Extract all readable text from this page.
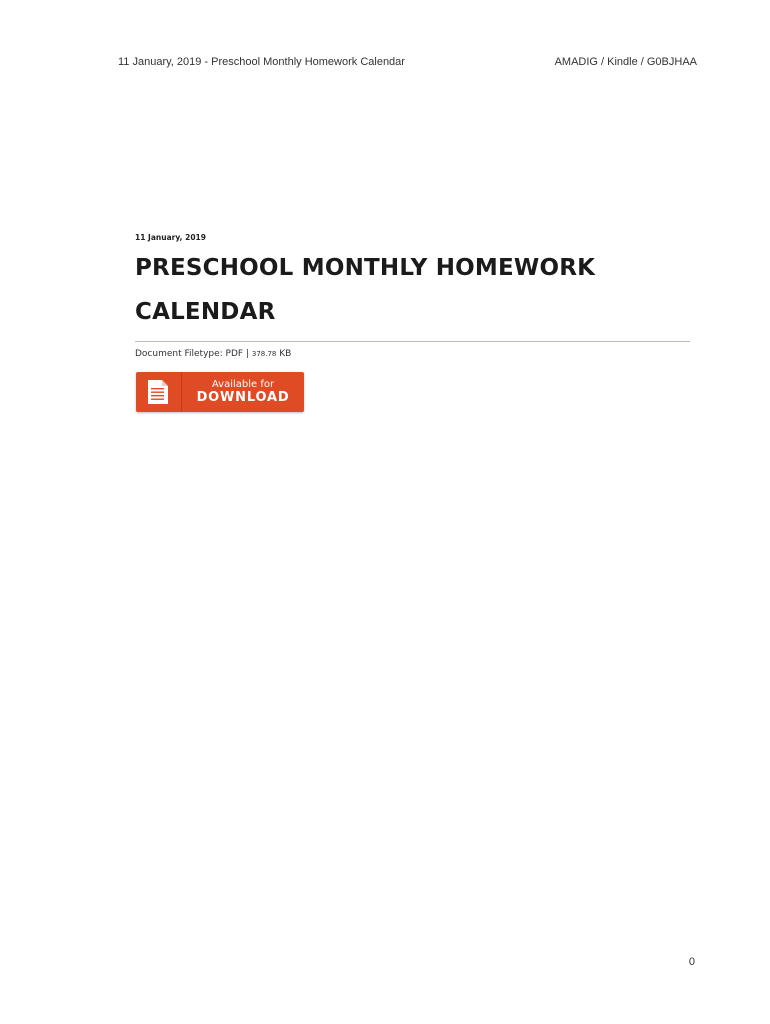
11 January, 2019 - Preschool Monthly Homework Calendar	AMADIG / Kindle / G0BJHAA
11 January, 2019
PRESCHOOL MONTHLY HOMEWORK CALENDAR
Document Filetype: PDF | 378.78 KB
Available for
DOWNLOAD
0
